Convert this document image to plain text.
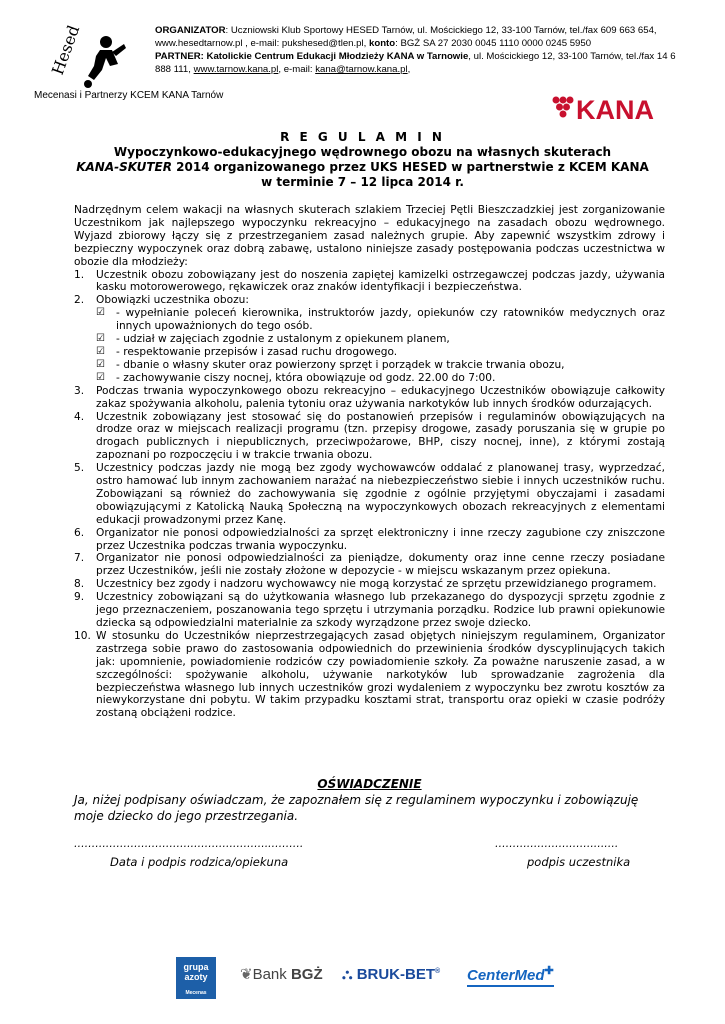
Hesed	ORGANIZATOR: Uczniowski Klub Sportowy HESED Tarnów, ul. Mościckiego 12, 33-100 Tarnów, tel./fax 609 663 654,
www.hesedtarnow.pl , e-mail: pukshesed@tlen.pl, konto: BGŻ SA 27 2030 0045 1110 0000 0245 5950
PARTNER: Katolickie Centrum Edukacji Młodzieży KANA w Tarnowie, ul. Mościckiego 12, 33-100 Tarnów, tel./fax 14 6
888 111, www.tarnow.kana.pl, e-mail: kana@tarnow.kana.pl,
Mecenasi i Partnerzy KCEM KANA Tarnów	KANA
R E G U L A M I N
Wypoczynkowo-edukacyjnego wędrownego obozu na własnych skuterach
KANA-SKUTER 2014 organizowanego przez UKS HESED w partnerstwie z KCEM KANA
w terminie 7 – 12 lipca 2014 r.

Nadrzędnym celem wakacji na własnych skuterach szlakiem Trzeciej Pętli Bieszczadzkiej jest zorganizowanie Uczestnikom jak najlepszego wypoczynku rekreacyjno – edukacyjnego na zasadach obozu wędrownego. Wyjazd zbiorowy łączy się z przestrzeganiem zasad należnych grupie. Aby zapewnić wszystkim zdrowy i bezpieczny wypoczynek oraz dobrą zabawę, ustalono niniejsze zasady postępowania podczas uczestnictwa w obozie dla młodzieży:

1. Uczestnik obozu zobowiązany jest do noszenia zapiętej kamizelki ostrzegawczej podczas jazdy, używania kasku motorowerowego, rękawiczek oraz znaków identyfikacji i bezpieczeństwa.
2. Obowiązki uczestnika obozu:
☑ - wypełnianie poleceń kierownika, instruktorów jazdy, opiekunów czy ratowników medycznych oraz innych upoważnionych do tego osób.
☑ - udział w zajęciach zgodnie z ustalonym z opiekunem planem,
☑ - respektowanie przepisów i zasad ruchu drogowego.
☑ - dbanie o własny skuter oraz powierzony sprzęt i porządek w trakcie trwania obozu,
☑ - zachowywanie ciszy nocnej, która obowiązuje od godz. 22.00 do 7:00.
3. Podczas trwania wypoczynkowego obozu rekreacyjno – edukacyjnego Uczestników obowiązuje całkowity zakaz spożywania alkoholu, palenia tytoniu oraz używania narkotyków lub innych środków odurzających.
4. Uczestnik zobowiązany jest stosować się do postanowień przepisów i regulaminów obowiązujących na drodze oraz w miejscach realizacji programu (tzn. przepisy drogowe, zasady poruszania się w grupie po drogach publicznych i niepublicznych, przeciwpożarowe, BHP, ciszy nocnej, inne), z którymi zostają zapoznani po rozpoczęciu i w trakcie trwania obozu.
5. Uczestnicy podczas jazdy nie mogą bez zgody wychowawców oddalać z planowanej trasy, wyprzedzać, ostro hamować lub innym zachowaniem narażać na niebezpieczeństwo siebie i innych uczestników ruchu. Zobowiązani są również do zachowywania się zgodnie z ogólnie przyjętymi obyczajami i zasadami obowiązującymi z Katolicką Nauką Społeczną na wypoczynkowych obozach rekreacyjnych z elementami edukacji prowadzonymi przez Kanę.
6. Organizator nie ponosi odpowiedzialności za sprzęt elektroniczny i inne rzeczy zagubione czy zniszczone przez Uczestnika podczas trwania wypoczynku.
7. Organizator nie ponosi odpowiedzialności za pieniądze, dokumenty oraz inne cenne rzeczy posiadane przez Uczestników, jeśli nie zostały złożone w depozycie - w miejscu wskazanym przez opiekuna.
8. Uczestnicy bez zgody i nadzoru wychowawcy nie mogą korzystać ze sprzętu przewidzianego programem.
9. Uczestnicy zobowiązani są do użytkowania własnego lub przekazanego do dyspozycji sprzętu zgodnie z jego przeznaczeniem, poszanowania tego sprzętu i utrzymania porządku. Rodzice lub prawni opiekunowie dziecka są odpowiedzialni materialnie za szkody wyrządzone przez swoje dziecko.
10. W stosunku do Uczestników nieprzestrzegających zasad objętych niniejszym regulaminem, Organizator zastrzega sobie prawo do zastosowania odpowiednich do przewinienia środków dyscyplinujących takich jak: upomnienie, powiadomienie rodziców czy powiadomienie szkoły. Za poważne naruszenie zasad, a w szczególności: spożywanie alkoholu, używanie narkotyków lub sprowadzanie zagrożenia dla bezpieczeństwa własnego lub innych uczestników grozi wydaleniem z wypoczynku bez zwrotu kosztów za niewykorzystane dni pobytu. W takim przypadku kosztami strat, transportu oraz opieki w czasie podróży zostaną obciążeni rodzice.
OŚWIADCZENIE
Ja, niżej podpisany oświadczam, że zapoznałem się z regulaminem wypoczynku i zobowiązuję moje dziecko do jego przestrzegania.
……………………………………………….……….	……………………….…….
Data i podpis rodzica/opiekuna	podpis uczestnika
grupa
azoty
Mecenas
❦Bank BGŻ ⛬ BRUK-BET® CenterMed✚
